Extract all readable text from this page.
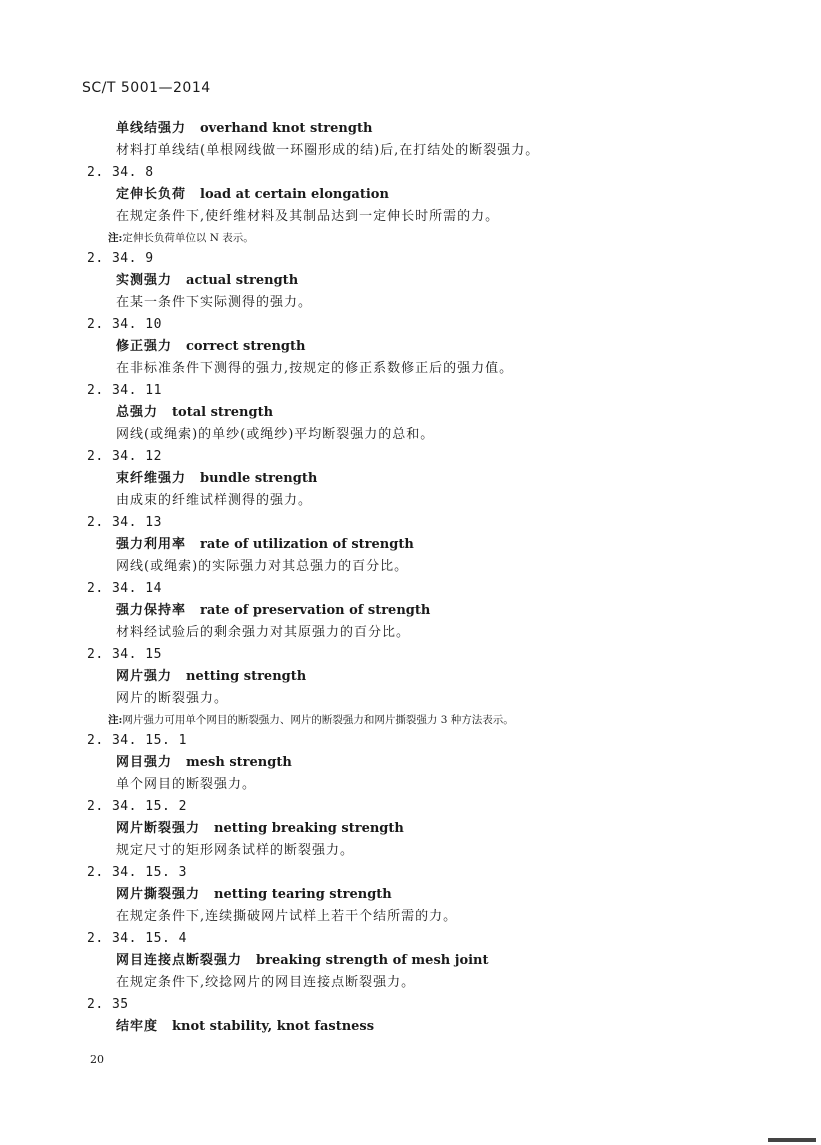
SC/T 5001—2014
单线结强力 overhand knot strength
材料打单线结(单根网线做一环圈形成的结)后,在打结处的断裂强力。
2. 34. 8
定伸长负荷 load at certain elongation
在规定条件下,使纤维材料及其制品达到一定伸长时所需的力。
注:定伸长负荷单位以 N 表示。
2. 34. 9
实测强力 actual strength
在某一条件下实际测得的强力。
2. 34. 10
修正强力 correct strength
在非标准条件下测得的强力,按规定的修正系数修正后的强力值。
2. 34. 11
总强力 total strength
网线(或绳索)的单纱(或绳纱)平均断裂强力的总和。
2. 34. 12
束纤维强力 bundle strength
由成束的纤维试样测得的强力。
2. 34. 13
强力利用率 rate of utilization of strength
网线(或绳索)的实际强力对其总强力的百分比。
2. 34. 14
强力保持率 rate of preservation of strength
材料经试验后的剩余强力对其原强力的百分比。
2. 34. 15
网片强力 netting strength
网片的断裂强力。
注:网片强力可用单个网目的断裂强力、网片的断裂强力和网片撕裂强力 3 种方法表示。
2. 34. 15. 1
网目强力 mesh strength
单个网目的断裂强力。
2. 34. 15. 2
网片断裂强力 netting breaking strength
规定尺寸的矩形网条试样的断裂强力。
2. 34. 15. 3
网片撕裂强力 netting tearing strength
在规定条件下,连续撕破网片试样上若干个结所需的力。
2. 34. 15. 4
网目连接点断裂强力 breaking strength of mesh joint
在规定条件下,绞捻网片的网目连接点断裂强力。
2. 35
结牢度 knot stability, knot fastness
20
